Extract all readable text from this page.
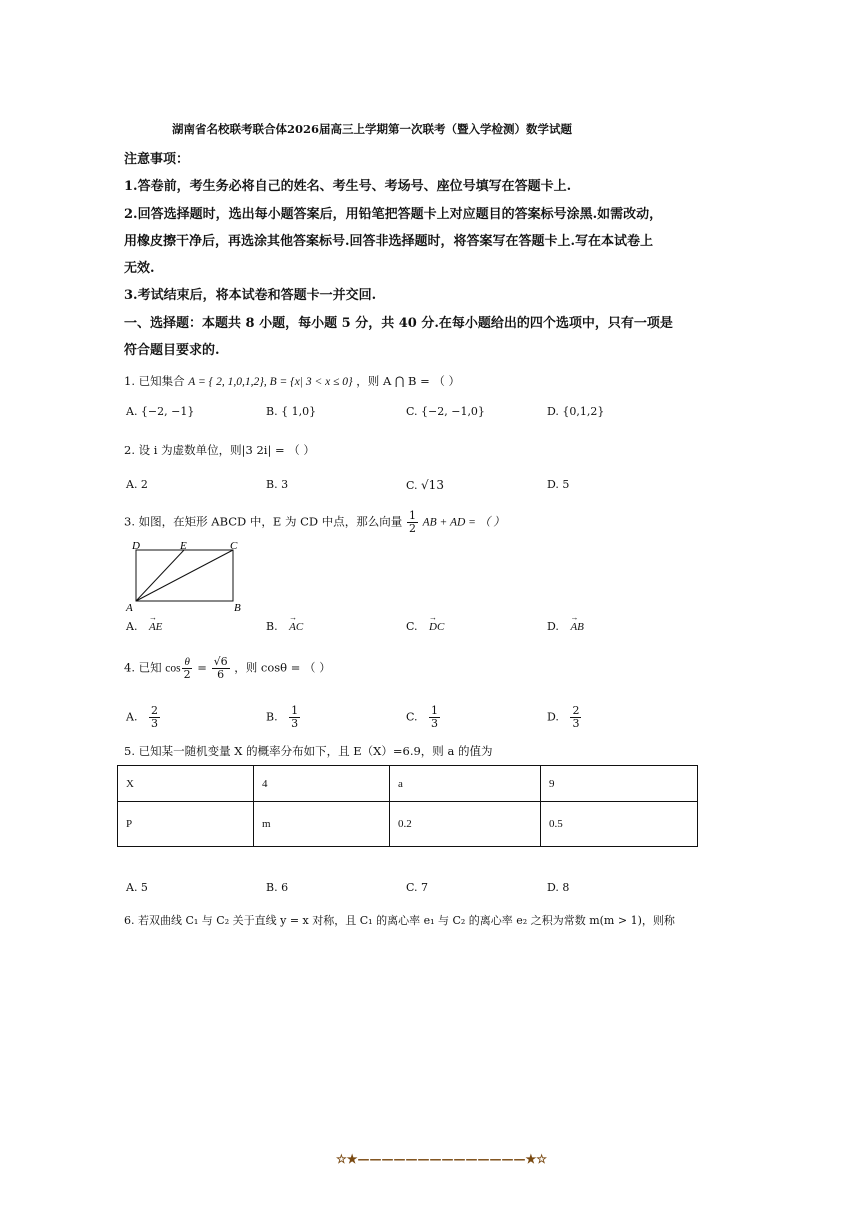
湖南省名校联考联合体2026届高三上学期第一次联考（暨入学检测）数学试题
注意事项：
1.答卷前，考生务必将自己的姓名、考生号、考场号、座位号填写在答题卡上.
2.回答选择题时，选出每小题答案后，用铅笔把答题卡上对应题目的答案标号涂黑.如需改动，
用橡皮擦干净后，再选涂其他答案标号.回答非选择题时，将答案写在答题卡上.写在本试卷上
无效.
3.考试结束后，将本试卷和答题卡一并交回.
一、选择题：本题共 8 小题，每小题 5 分，共 40 分.在每小题给出的四个选项中，只有一项是
符合题目要求的.
1. 已知集合 A = { 2, 1,0,1,2}, B = {x| 3 < x ≤ 0} ，则 A ⋂ B = （ ）
A. {−2, −1}	B. { 1,0}	C. {−2, −1,0}	D. {0,1,2}
2. 设 i 为虚数单位，则|3 2i| = （ ）
A. 2	B. 3	C. √13	D. 5
3. 如图，在矩形 ABCD 中，E 为 CD 中点，那么向量 $\frac{1}{2}$ AB + AD = （ ）
D	E	C
A	B
A. → AE	B. → AC	C. → DC	D. → AB
4. 已知 $\cos \frac{\theta}{2} = \frac{√6}{6}$ ，则 cosθ = （ ）
A. $\frac{2}{3}$	B. $\frac{1}{3}$	C. $\frac{1}{3}$	D. $\frac{2}{3}$
5. 已知某一随机变量 X 的概率分布如下，且 E（X）=6.9，则 a 的值为
X	4	a	9
P	m	0.2	0.5
A. 5	B. 6	C. 7	D. 8
6. 若双曲线 C₁ 与 C₂ 关于直线 y = x 对称，且 C₁ 的离心率 e₁ 与 C₂ 的离心率 e₂ 之积为常数 m(m > 1)，则称
☆★——————————————★☆
